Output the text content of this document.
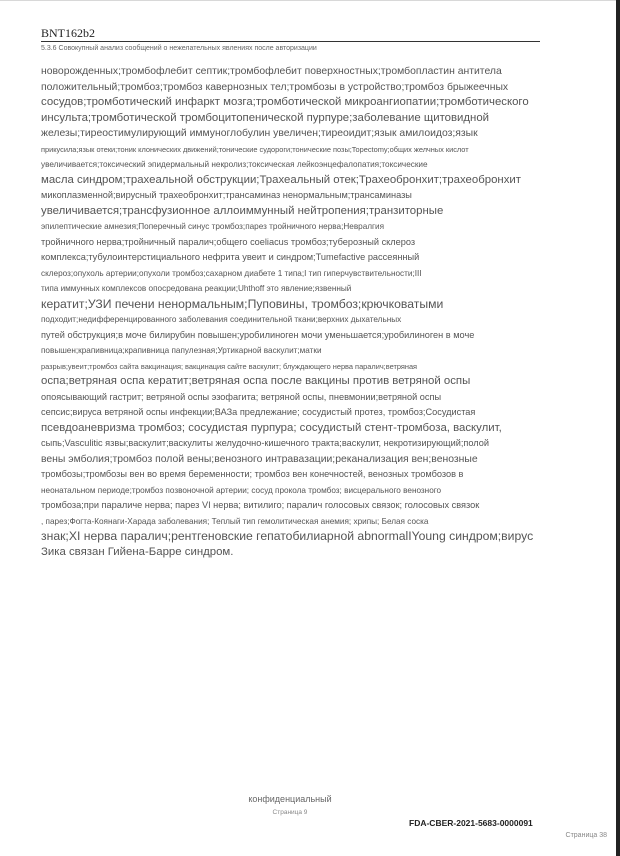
BNT162b2
5.3.6 Совокупный анализ сообщений о нежелательных явлениях после авторизации
новорожденных;тромбофлебит септик;тромбофлебит поверхностных;тромбопластин антитела
положительный;тромбоз;тромбоз кавернозных тел;тромбозы в устройство;тромбоз брыжеечных
сосудов;тромботический инфаркт мозга;тромботической микроангиопатии;тромботического
инсульта;тромботической тромбоцитопенической пурпуре;заболевание щитовидной
железы;тиреостимулирующий иммуноглобулин увеличен;тиреоидит;язык амилоидоз;язык
прикусила;язык отеки;тоник клонических движений;тонические судороги;тонические позы;Topectomy;общих желчных кислот
увеличивается;токсический эпидермальный некролиз;токсическая лейкоэнцефалопатия;токсические
масла синдром;трахеальной обструкции;Трахеальный отек;Трахеобронхит;трахеобронхит
микоплазменной;вирусный трахеобронхит;трансаминаз ненормальным;трансаминазы
увеличивается;трансфузионное аллоиммунный нейтропения;транзиторные
эпилептические амнезия;Поперечный синус тромбоз;парез тройничного нерва;Невралгия
тройничного нерва;тройничный паралич;общего coeliacus тромбоз;туберозный склероз
комплекса;тубулоинтерстициального нефрита увеит и синдром;Tumefactive рассеянный
склероз;опухоль артерии;опухоли тромбоз;сахарном диабете 1 типа;I тип гиперчувствительности;III
типа иммунных комплексов опосредована реакции;Uhthoff это явление;язвенный
кератит;УЗИ печени ненормальным;Пуповины, тромбоз;крючковатыми
подходит;недифференцированного заболевания соединительной ткани;верхних дыхательных
путей обструкция;в моче билирубин повышен;уробилиноген мочи уменьшается;уробилиноген в моче
повышен;крапивница;крапивница папулезная;Уртикарной васкулит;матки
разрыв;увеит;тромбоз сайта вакцинация; вакцинация сайте васкулит; блуждающего нерва паралич;ветряная
оспа;ветряная оспа кератит;ветряная оспа после вакцины против ветряной оспы
опоясывающий гастрит; ветряной оспы эзофагита; ветряной оспы, пневмонии;ветряной оспы
сепсис;вируса ветряной оспы инфекции;ВАЗа предлежание; сосудистый протез, тромбоз;Сосудистая
псевдоаневризма тромбоз; сосудистая пурпура; сосудистый стент-тромбоза, васкулит,
сыпь;Vasculitic язвы;васкулит;васкулиты желудочно-кишечного тракта;васкулит, некротизирующий;полой
вены эмболия;тромбоз полой вены;венозного интравазации;реканализация вен;венозные
тромбозы;тромбозы вен во время беременности; тромбоз вен конечностей, венозных тромбозов в
неонатальном периоде;тромбоз позвоночной артерии; сосуд прокола тромбоз; висцерального венозного
тромбоза;при параличе нерва; парез VI нерва; витилиго; паралич голосовых связок; голосовых связок
, парез;Фогта-Коянаги-Харада заболевания; Теплый тип гемолитическая анемия; хрипы; Белая соска
знак;XI нерва паралич;рентгеновские гепатобилиарной abnormalIYoung синдром;вирус
Зика связан Гийена-Барре синдром.
конфиденциальный
Страница 9
FDA-CBER-2021-5683-0000091
Страница 38
